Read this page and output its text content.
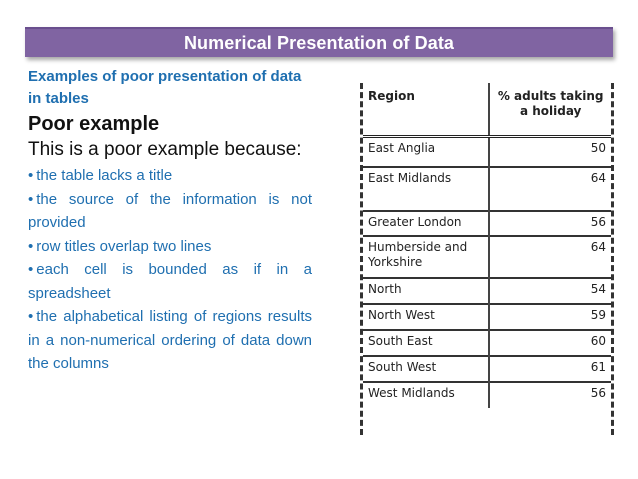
Numerical Presentation of Data
Examples of poor presentation of data in tables
Poor example
This is a poor example because:
• the table lacks a title
• the source of the information is not provided
• row titles overlap two lines
• each cell is bounded as if in a spreadsheet
• the alphabetical listing of regions results in a non-numerical ordering of data down the columns
Region	% adults taking a holiday
East Anglia	50
East Midlands	64
Greater London	56
Humberside and Yorkshire	64
North	54
North West	59
South East	60
South West	61
West Midlands	56
